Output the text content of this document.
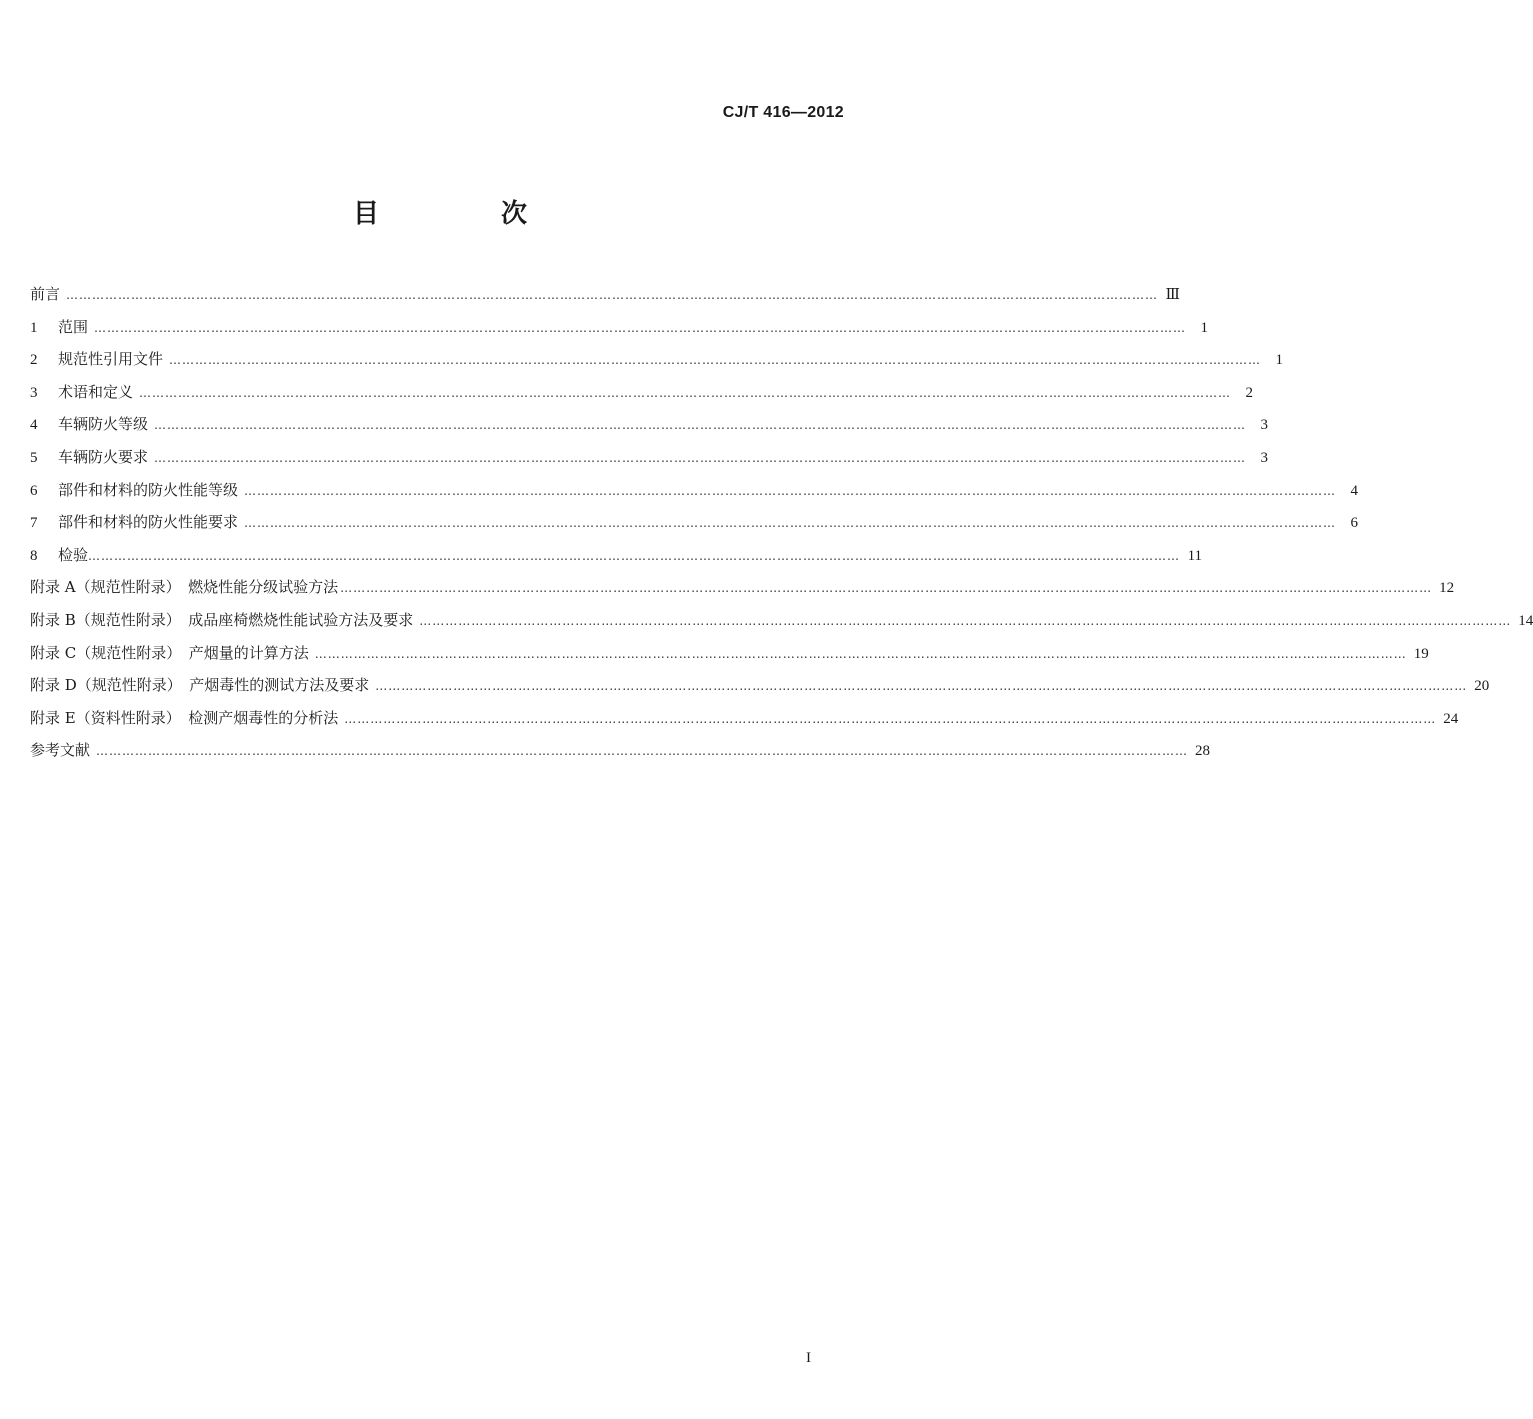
CJ/T 416—2012
目　次
前言 ……………………………………………………………………………………………………………………………………………………………………………………………………………………………… Ⅲ
1	范围 ……………………………………………………………………………………………………………………………………………………………………………………………………………………………… 1
2	规范性引用文件 ……………………………………………………………………………………………………………………………………………………………………………………………………………………………… 1
3	术语和定义 ……………………………………………………………………………………………………………………………………………………………………………………………………………………………… 2
4	车辆防火等级 ……………………………………………………………………………………………………………………………………………………………………………………………………………………………… 3
5	车辆防火要求 ……………………………………………………………………………………………………………………………………………………………………………………………………………………………… 3
6	部件和材料的防火性能等级 ……………………………………………………………………………………………………………………………………………………………………………………………………………………………… 4
7	部件和材料的防火性能要求 ……………………………………………………………………………………………………………………………………………………………………………………………………………………………… 6
8	检验 ……………………………………………………………………………………………………………………………………………………………………………………………………………………………… 11
附录 A（规范性附录）　燃烧性能分级试验方法 ……………………………………………………………………………………………………………………………………………………………………………………………………………………………… 12
附录 B（规范性附录）　成品座椅燃烧性能试验方法及要求 ……………………………………………………………………………………………………………………………………………………………………………………………………………………………… 14
附录 C（规范性附录）　产烟量的计算方法 ……………………………………………………………………………………………………………………………………………………………………………………………………………………………… 19
附录 D（规范性附录）　产烟毒性的测试方法及要求 ……………………………………………………………………………………………………………………………………………………………………………………………………………………………… 20
附录 E（资料性附录）　检测产烟毒性的分析法 ……………………………………………………………………………………………………………………………………………………………………………………………………………………………… 24
参考文献 ……………………………………………………………………………………………………………………………………………………………………………………………………………………………… 28
I
